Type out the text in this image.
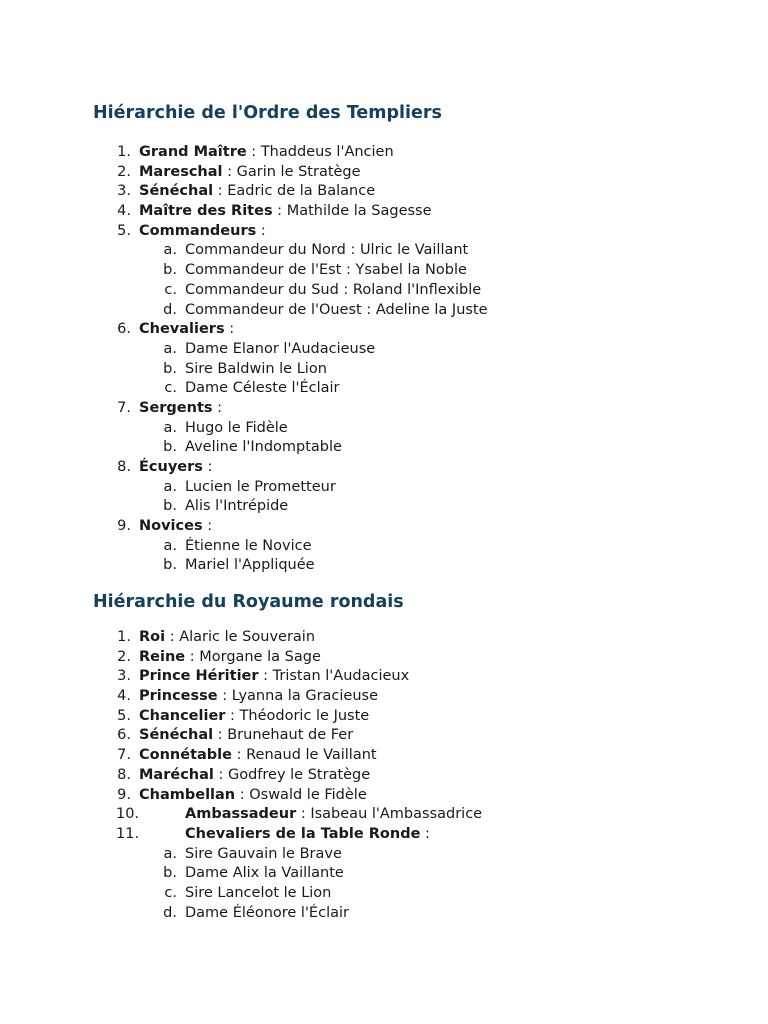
Hiérarchie de l'Ordre des Templiers
1. Grand Maître : Thaddeus l'Ancien
2. Mareschal : Garin le Stratège
3. Sénéchal : Eadric de la Balance
4. Maître des Rites : Mathilde la Sagesse
5. Commandeurs :
a. Commandeur du Nord : Ulric le Vaillant
b. Commandeur de l'Est : Ysabel la Noble
c. Commandeur du Sud : Roland l'Inflexible
d. Commandeur de l'Ouest : Adeline la Juste
6. Chevaliers :
a. Dame Elanor l'Audacieuse
b. Sire Baldwin le Lion
c. Dame Céleste l'Éclair
7. Sergents :
a. Hugo le Fidèle
b. Aveline l'Indomptable
8. Écuyers :
a. Lucien le Prometteur
b. Alis l'Intrépide
9. Novices :
a. Étienne le Novice
b. Mariel l'Appliquée
Hiérarchie du Royaume rondais
1. Roi : Alaric le Souverain
2. Reine : Morgane la Sage
3. Prince Héritier : Tristan l'Audacieux
4. Princesse : Lyanna la Gracieuse
5. Chancelier : Théodoric le Juste
6. Sénéchal : Brunehaut de Fer
7. Connétable : Renaud le Vaillant
8. Maréchal : Godfrey le Stratège
9. Chambellan : Oswald le Fidèle
10.	Ambassadeur : Isabeau l'Ambassadrice
11.	Chevaliers de la Table Ronde :
a. Sire Gauvain le Brave
b. Dame Alix la Vaillante
c. Sire Lancelot le Lion
d. Dame Éléonore l'Éclair
